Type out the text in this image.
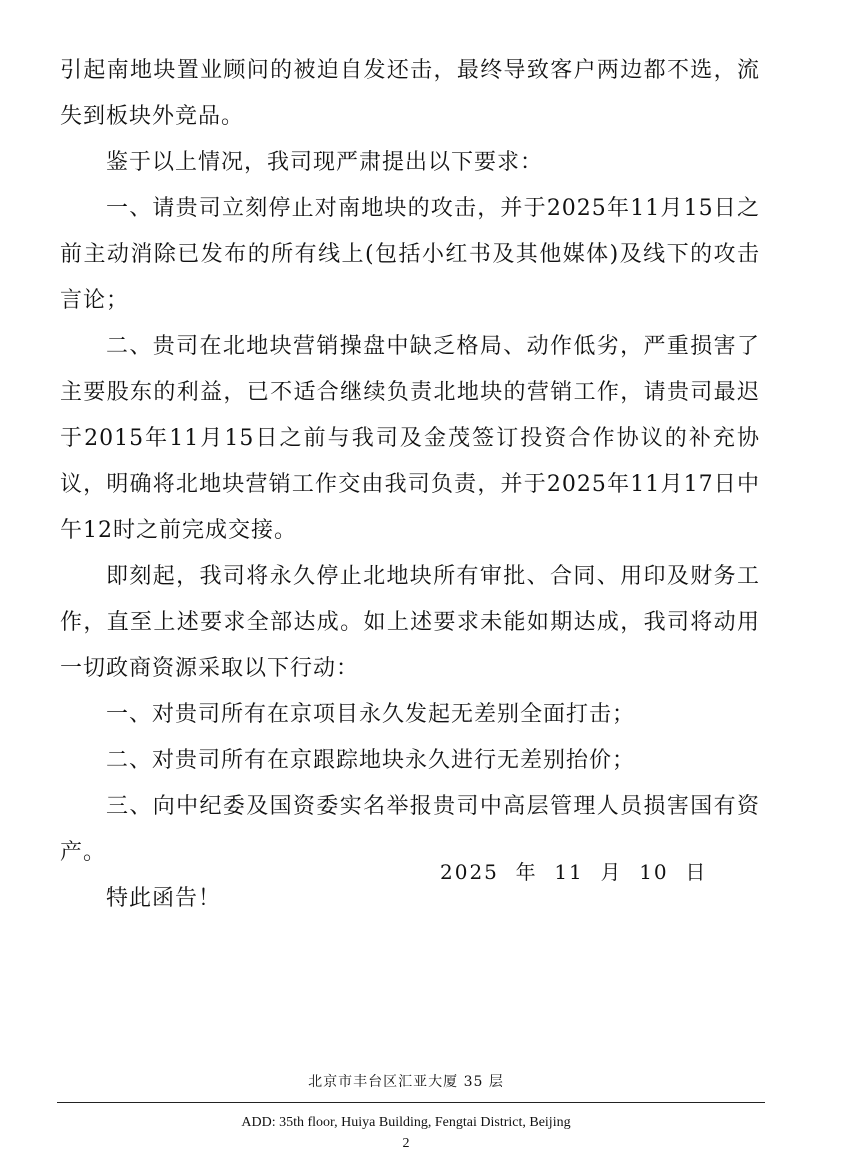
引起南地块置业顾问的被迫自发还击，最终导致客户两边都不选，流失到板块外竞品。

鉴于以上情况，我司现严肃提出以下要求：

一、请贵司立刻停止对南地块的攻击，并于2025年11月15日之前主动消除已发布的所有线上(包括小红书及其他媒体)及线下的攻击言论；

二、贵司在北地块营销操盘中缺乏格局、动作低劣，严重损害了主要股东的利益，已不适合继续负责北地块的营销工作，请贵司最迟于2015年11月15日之前与我司及金茂签订投资合作协议的补充协议，明确将北地块营销工作交由我司负责，并于2025年11月17日中午12时之前完成交接。

即刻起，我司将永久停止北地块所有审批、合同、用印及财务工作，直至上述要求全部达成。如上述要求未能如期达成，我司将动用一切政商资源采取以下行动：

一、对贵司所有在京项目永久发起无差别全面打击；

二、对贵司所有在京跟踪地块永久进行无差别抬价；

三、向中纪委及国资委实名举报贵司中高层管理人员损害国有资产。

特此函告！

2025  年  11  月  10  日
北京市丰台区汇亚大厦 35 层
ADD: 35th floor, Huiya Building, Fengtai District, Beijing
2
